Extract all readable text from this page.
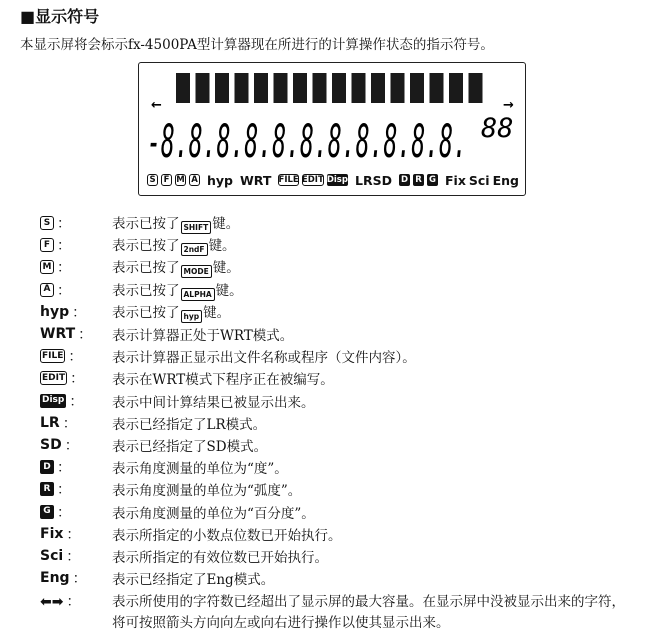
■显示符号
本显示屏将会标示fx-4500PA型计算器现在所进行的计算操作状态的指示符号。
←	→
-8.8.8.8.8.8.8.8.8.8.8. 88
S F M A hyp WRT FILE EDIT Disp LRSD D R G Fix Sci Eng
S ：	表示已按了 SHIFT 键。
F ：	表示已按了 2ndF 键。
M ：	表示已按了 MODE 键。
A ：	表示已按了 ALPHA 键。
hyp ： 表示已按了 hyp 键。
WRT ： 表示计算器正处于WRT模式。
FILE ： 表示计算器正显示出文件名称或程序（文件内容）。
EDIT ： 表示在WRT模式下程序正在被编写。
Disp ： 表示中间计算结果已被显示出来。
LR ：	表示已经指定了LR模式。
SD ： 表示已经指定了SD模式。
D ：	表示角度测量的单位为“度”。
R ：	表示角度测量的单位为“弧度”。
G ：	表示角度测量的单位为“百分度”。
Fix ： 表示所指定的小数点位数已开始执行。
Sci ： 表示所指定的有效位数已开始执行。
Eng ： 表示已经指定了Eng模式。
⬅➡ ： 表示所使用的字符数已经超出了显示屏的最大容量。在显示屏中没被显示出来的字符，将可按照箭头方向向左或向右进行操作以使其显示出来。
